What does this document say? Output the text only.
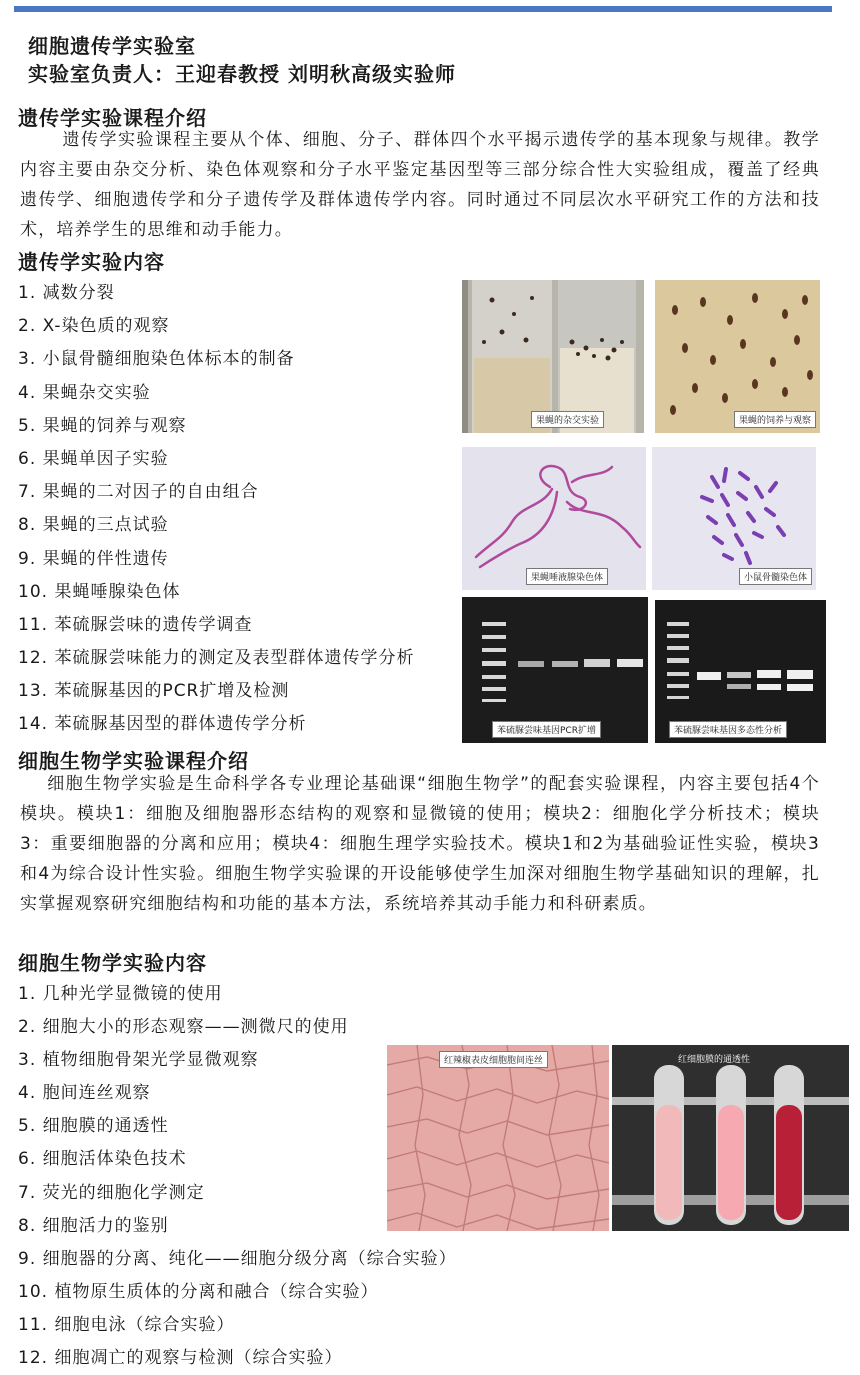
细胞遗传学实验室
实验室负责人：王迎春教授 刘明秋高级实验师
遗传学实验课程介绍

遗传学实验课程主要从个体、细胞、分子、群体四个水平揭示遗传学的基本现象与规律。教学内容主要由杂交分析、染色体观察和分子水平鉴定基因型等三部分综合性大实验组成，覆盖了经典遗传学、细胞遗传学和分子遗传学及群体遗传学内容。同时通过不同层次水平研究工作的方法和技术，培养学生的思维和动手能力。

遗传学实验内容
1. 减数分裂
2. X-染色质的观察
3. 小鼠骨髓细胞染色体标本的制备
4. 果蝇杂交实验
5. 果蝇的饲养与观察
6. 果蝇单因子实验
7. 果蝇的二对因子的自由组合
8. 果蝇的三点试验
9. 果蝇的伴性遗传
10. 果蝇唾腺染色体
11. 苯硫脲尝味的遗传学调查
12. 苯硫脲尝味能力的测定及表型群体遗传学分析
13. 苯硫脲基因的PCR扩增及检测
14. 苯硫脲基因型的群体遗传学分析
果蝇的杂交实验	果蝇的饲养与观察
果蝇唾液腺染色体	小鼠骨髓染色体
苯硫脲尝味基因PCR扩增	苯硫脲尝味基因多态性分析
细胞生物学实验课程介绍

细胞生物学实验是生命科学各专业理论基础课“细胞生物学”的配套实验课程，内容主要包括4个模块。模块1：细胞及细胞器形态结构的观察和显微镜的使用；模块2：细胞化学分析技术；模块3：重要细胞器的分离和应用；模块4：细胞生理学实验技术。模块1和2为基础验证性实验，模块3和4为综合设计性实验。细胞生物学实验课的开设能够使学生加深对细胞生物学基础知识的理解，扎实掌握观察研究细胞结构和功能的基本方法，系统培养其动手能力和科研素质。

细胞生物学实验内容
1. 几种光学显微镜的使用
2. 细胞大小的形态观察——测微尺的使用
3. 植物细胞骨架光学显微观察
4. 胞间连丝观察
5. 细胞膜的通透性
6. 细胞活体染色技术
7. 荧光的细胞化学测定
8. 细胞活力的鉴别
9. 细胞器的分离、纯化——细胞分级分离（综合实验）
10. 植物原生质体的分离和融合（综合实验）
11. 细胞电泳（综合实验）
12. 细胞凋亡的观察与检测（综合实验）
红辣椒表皮细胞胞间连丝	红细胞膜的通透性
